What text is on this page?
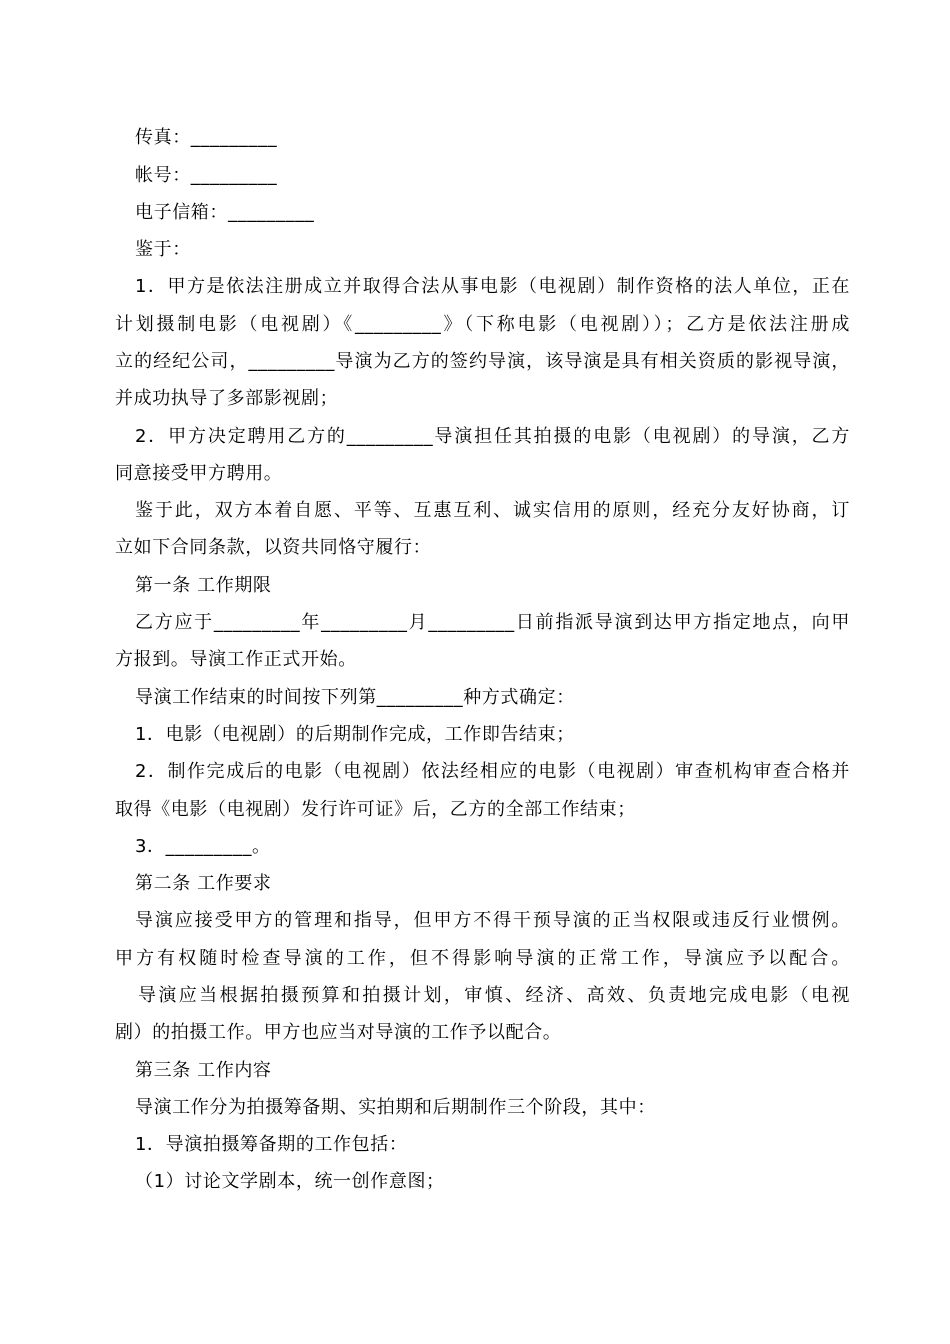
传真：_________
帐号：_________
电子信箱：_________
鉴于：
1．甲方是依法注册成立并取得合法从事电影（电视剧）制作资格的法人单位，正在
计划摄制电影（电视剧）《_________》（下称电影（电视剧））；乙方是依法注册成
立的经纪公司，_________导演为乙方的签约导演，该导演是具有相关资质的影视导演，
并成功执导了多部影视剧；
2．甲方决定聘用乙方的_________导演担任其拍摄的电影（电视剧）的导演，乙方
同意接受甲方聘用。
鉴于此，双方本着自愿、平等、互惠互利、诚实信用的原则，经充分友好协商，订
立如下合同条款，以资共同恪守履行：
第一条 工作期限
乙方应于_________年_________月_________日前指派导演到达甲方指定地点，向甲
方报到。导演工作正式开始。
导演工作结束的时间按下列第_________种方式确定：
1．电影（电视剧）的后期制作完成，工作即告结束；
2．制作完成后的电影（电视剧）依法经相应的电影（电视剧）审查机构审查合格并
取得《电影（电视剧）发行许可证》后，乙方的全部工作结束；
3．_________。
第二条 工作要求
导演应接受甲方的管理和指导，但甲方不得干预导演的正当权限或违反行业惯例。
甲方有权随时检查导演的工作，但不得影响导演的正常工作，导演应予以配合。
导演应当根据拍摄预算和拍摄计划，审慎、经济、高效、负责地完成电影（电视
剧）的拍摄工作。甲方也应当对导演的工作予以配合。
第三条 工作内容
导演工作分为拍摄筹备期、实拍期和后期制作三个阶段，其中：
1．导演拍摄筹备期的工作包括：
（1）讨论文学剧本，统一创作意图；
